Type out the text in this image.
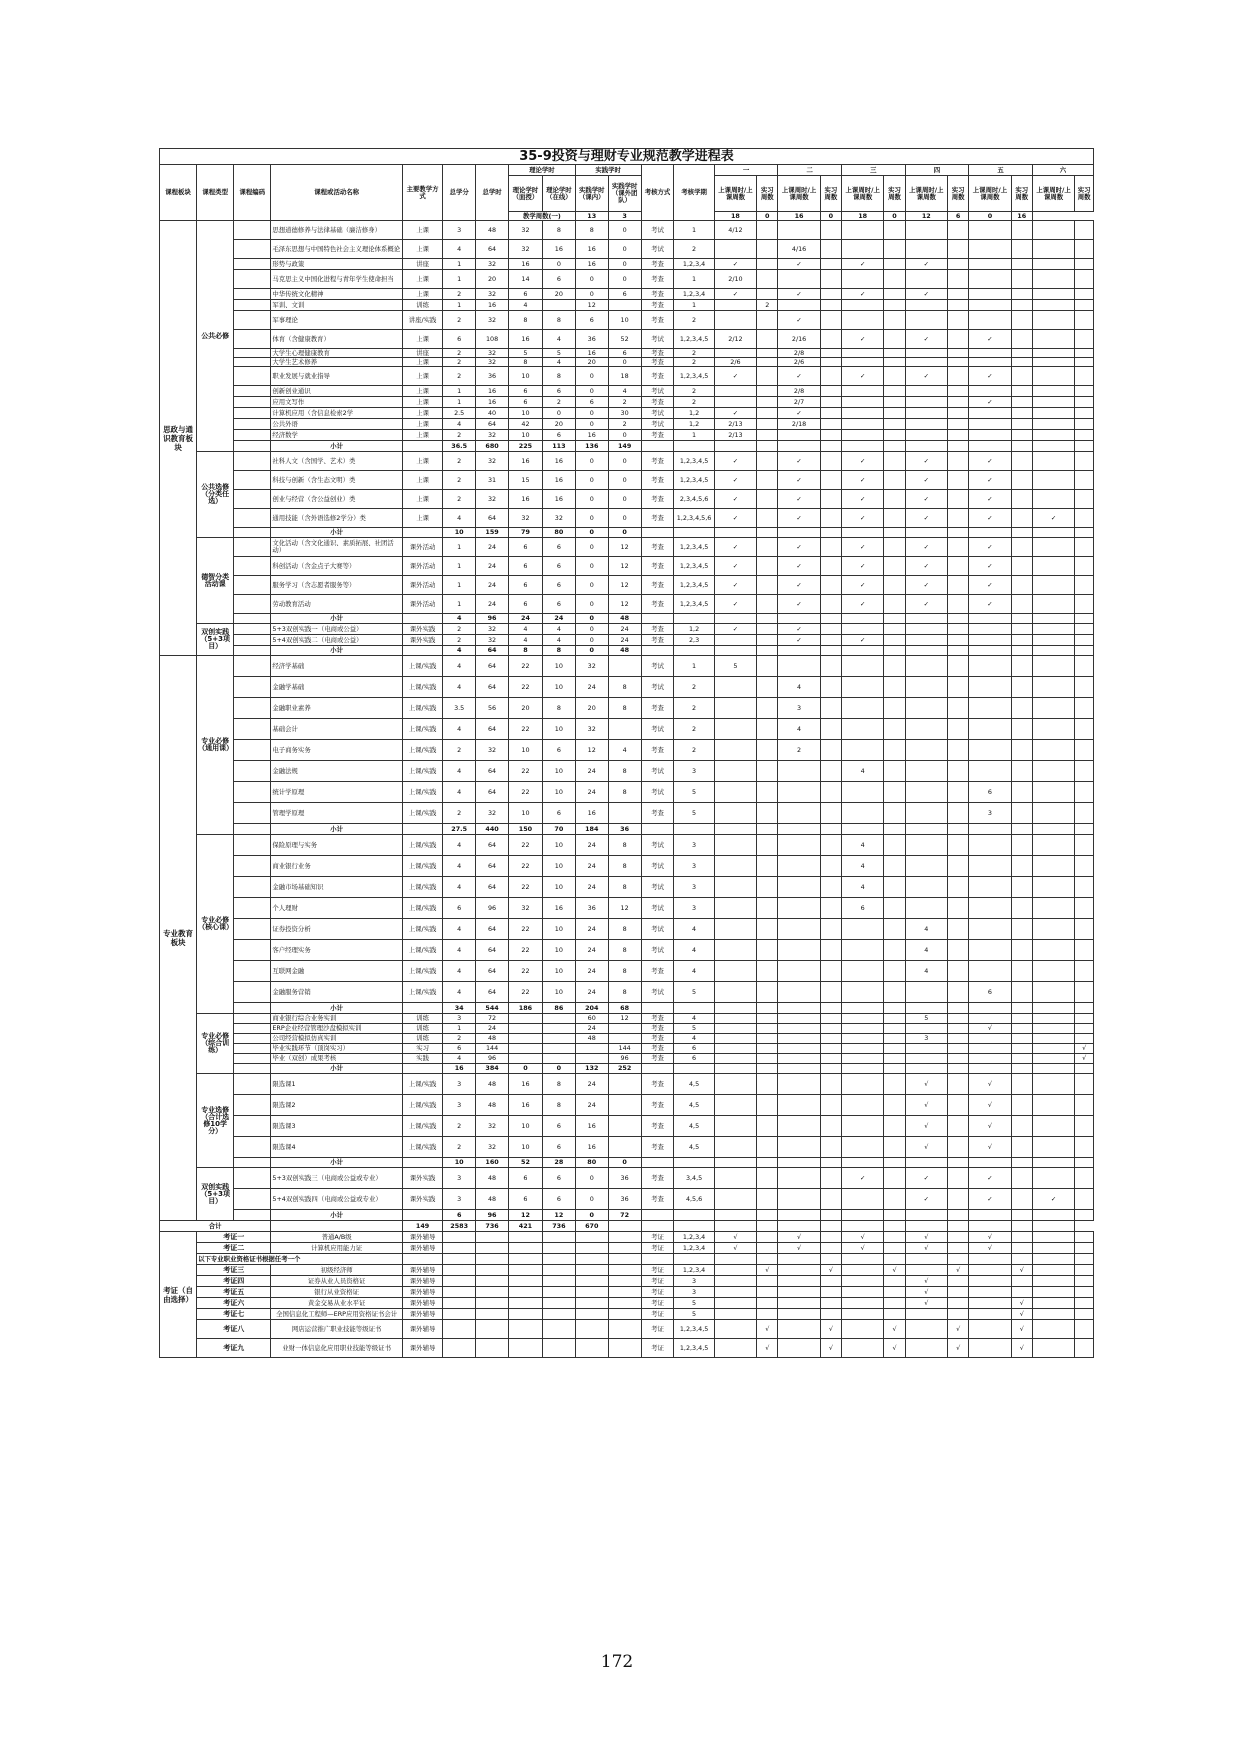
35-9投资与理财专业规范教学进程表																								
课程板块	课程类型	课程编码	课程或活动名称	主要教学方式	总学分	总学时	理论学时		实践学时		考核方式	考核学期	一		二		三		四		五		六	
							理论学时（面授）	理论学时（在线）	实践学时（课内）	实践学时（课外团队）			上课周时/上课周数	实习周数	上课周时/上课周数	实习周数	上课周时/上课周数	实习周数	上课周时/上课周数	实习周数	上课周时/上课周数	实习周数	上课周时/上课周数	实习周数
							教学周数(一)		13	3			18	0	16	0	18	0	12	6	0	16		
思政与通识教育板块	公共必修		思想道德修养与法律基础（廉洁修身）	上课	3	48	32	8	8	0	考试	1	4/12											
			毛泽东思想与中国特色社会主义理论体系概论	上课	4	64	32	16	16	0	考试	2			4/16									
			形势与政策	讲座	1	32	16	0	16	0	考查	1,2,3,4	✓		✓		✓		✓					
			马克思主义中国化进程与青年学生使命担当	上课	1	20	14	6	0	0	考查	1	2/10											
			中华传统文化精神	上课	2	32	6	20	0	6	考查	1,2,3,4	✓		✓		✓		✓					
			军训、文训	训练	1	16	4		12		考查	1		2										
			军事理论	讲座/实践	2	32	8	8	6	10	考查	2			✓									
			体育（含健康教育）	上课	6	108	16	4	36	52	考试	1,2,3,4,5	2/12		2/16		✓		✓		✓			
			大学生心理健康教育	讲座	2	32	5	5	16	6	考查	2			2/8									
			大学生艺术修养	上课	2	32	8	4	20	0	考查	2	2/6		2/6									
			职业发展与就业指导	上课	2	36	10	8	0	18	考查	1,2,3,4,5	✓		✓		✓		✓		✓			
			创新创业通识	上课	1	16	6	6	0	4	考试	2			2/8									
			应用文写作	上课	1	16	6	2	6	2	考查	2			2/7						✓			
			计算机应用（含信息检索2学	上课	2.5	40	10	0	0	30	考试	1,2	✓		✓									
			公共外语	上课	4	64	42	20	0	2	考试	1,2	2/13		2/18									
			经济数学	上课	2	32	10	6	16	0	考查	1	2/13											
			小计		36.5	680	225	113	136	149														
	公共选修（分类任选）		社科人文（含国学、艺术）类	上课	2	32	16	16	0	0	考查	1,2,3,4,5	✓		✓		✓		✓		✓			
			科技与创新（含生态文明）类	上课	2	31	15	16	0	0	考查	1,2,3,4,5	✓		✓		✓		✓		✓			
			创业与经营（含公益创业）类	上课	2	32	16	16	0	0	考查	2,3,4,5,6	✓		✓		✓		✓		✓			
			通用技能（含外语选修2学分）类	上课	4	64	32	32	0	0	考查	1,2,3,4,5,6	✓		✓		✓		✓		✓		✓	
			小计		10	159	79	80	0	0														
	德智分类活动课		文化活动（含文化通识、素质拓展、社团活动）	课外活动	1	24	6	6	0	12	考查	1,2,3,4,5	✓		✓		✓		✓		✓			
			科创活动（含金点子大赛等）	课外活动	1	24	6	6	0	12	考查	1,2,3,4,5	✓		✓		✓		✓		✓			
			服务学习（含志愿者服务等）	课外活动	1	24	6	6	0	12	考查	1,2,3,4,5	✓		✓		✓		✓		✓			
			劳动教育活动	课外活动	1	24	6	6	0	12	考查	1,2,3,4,5	✓		✓		✓		✓		✓			
			小计		4	96	24	24	0	48														
	双创实践（5+3项目）		5+3双创实践一（电商或公益）	课外实践	2	32	4	4	0	24	考查	1,2	✓		✓									
			5+4双创实践二（电商或公益）	课外实践	2	32	4	4	0	24	考查	2,3			✓		✓							
			小计		4	64	8	8	0	48														
专业教育板块	专业必修（通用课）		经济学基础	上课/实践	4	64	22	10	32		考试	1	5											
			金融学基础	上课/实践	4	64	22	10	24	8	考试	2			4									
			金融职业素养	上课/实践	3.5	56	20	8	20	8	考查	2			3									
			基础会计	上课/实践	4	64	22	10	32		考试	2			4									
			电子商务实务	上课/实践	2	32	10	6	12	4	考查	2			2									
			金融法规	上课/实践	4	64	22	10	24	8	考试	3					4							
			统计学原理	上课/实践	4	64	22	10	24	8	考试	5									6			
			管理学原理	上课/实践	2	32	10	6	16		考查	5									3			
			小计		27.5	440	150	70	184	36														
	专业必修（核心课）		保险原理与实务	上课/实践	4	64	22	10	24	8	考试	3					4							
			商业银行业务	上课/实践	4	64	22	10	24	8	考试	3					4							
			金融市场基础知识	上课/实践	4	64	22	10	24	8	考试	3					4							
			个人理财	上课/实践	6	96	32	16	36	12	考试	3					6							
			证券投资分析	上课/实践	4	64	22	10	24	8	考试	4							4					
			客户经理实务	上课/实践	4	64	22	10	24	8	考试	4							4					
			互联网金融	上课/实践	4	64	22	10	24	8	考查	4							4					
			金融服务营销	上课/实践	4	64	22	10	24	8	考试	5									6			
			小计		34	544	186	86	204	68														
	专业必修（综合训练）		商业银行综合业务实训	训练	3	72			60	12	考查	4							5					
			ERP企业经营管理沙盘模拟实训	训练	1	24			24		考查	5									√			
			公司经营模拟仿真实训	训练	2	48			48		考查	4							3					
			毕业实践环节（顶岗实习）	实习	6	144				144	考查	6												√
			毕业（双创）成果考核	实践	4	96				96	考查	6												√
			小计		16	384	0	0	132	252														
	专业选修（合计选修10学分）		限选课1	上课/实践	3	48	16	8	24		考查	4,5							√		√			
			限选课2	上课/实践	3	48	16	8	24		考查	4,5							√		√			
			限选课3	上课/实践	2	32	10	6	16		考查	4,5							√		√			
			限选课4	上课/实践	2	32	10	6	16		考查	4,5							√		√			
			小计		10	160	52	28	80	0														
	双创实践（5+3项目）		5+3双创实践三（电商或公益或专业）	课外实践	3	48	6	6	0	36	考查	3,4,5					✓		✓		✓			
			5+4双创实践四（电商或公益或专业）	课外实践	3	48	6	6	0	36	考查	4,5,6							✓		✓		✓	
			小计		6	96	12	12	0	72														
合计				149	2583	736	421	736	670															
考证（自由选择）	考证一		普通A/B级	课外辅导							考证	1,2,3,4	√		√		√		√		√			
	考证二		计算机应用能力证	课外辅导							考证	1,2,3,4	√		√		√		√		√			
	以下专业职业资格证书根据任考一个																							
	考证三		初级经济师	课外辅导							考证	1,2,3,4		√		√		√		√		√		
	考证四		证券从业人员资格证	课外辅导							考证	3							√					
	考证五		银行从业资格证	课外辅导							考证	3							√					
	考证六		黄金交易从业水平证	课外辅导							考证	5							√			√		
	考证七		全国信息化工程师—ERP应用资格证书会计	课外辅导							考证	5										√		
	考证八		网店运营推广职业技能等级证书	课外辅导							考证	1,2,3,4,5		√		√		√		√		√		
	考证九		业财一体信息化应用职业技能等级证书	课外辅导							考证	1,2,3,4,5		√		√		√		√		√		
172
